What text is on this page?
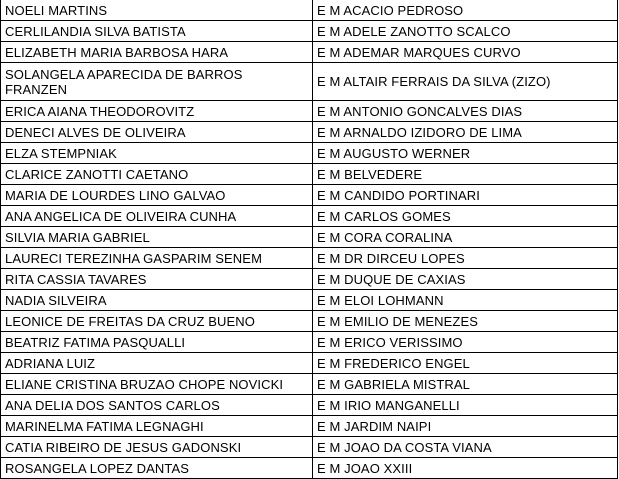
NOELI MARTINS	E M ACACIO PEDROSO
CERLILANDIA SILVA BATISTA	E M ADELE ZANOTTO SCALCO
ELIZABETH MARIA BARBOSA HARA	E M ADEMAR MARQUES CURVO
SOLANGELA APARECIDA DE BARROS FRANZEN	E M ALTAIR FERRAIS DA SILVA (ZIZO)
ERICA AIANA THEODOROVITZ	E M ANTONIO GONCALVES DIAS
DENECI ALVES DE OLIVEIRA	E M ARNALDO IZIDORO DE LIMA
ELZA STEMPNIAK	E M AUGUSTO WERNER
CLARICE ZANOTTI CAETANO	E M BELVEDERE
MARIA DE LOURDES LINO GALVAO	E M CANDIDO PORTINARI
ANA ANGELICA DE OLIVEIRA CUNHA	E M CARLOS GOMES
SILVIA MARIA GABRIEL	E M CORA CORALINA
LAURECI TEREZINHA GASPARIM SENEM	E M DR DIRCEU LOPES
RITA CASSIA TAVARES	E M DUQUE DE CAXIAS
NADIA SILVEIRA	E M ELOI LOHMANN
LEONICE DE FREITAS DA CRUZ BUENO	E M EMILIO DE MENEZES
BEATRIZ FATIMA PASQUALLI	E M ERICO VERISSIMO
ADRIANA LUIZ	E M FREDERICO ENGEL
ELIANE CRISTINA BRUZAO CHOPE NOVICKI	E M GABRIELA MISTRAL
ANA DELIA DOS SANTOS CARLOS	E M IRIO MANGANELLI
MARINELMA FATIMA LEGNAGHI	E M JARDIM NAIPI
CATIA RIBEIRO DE JESUS GADONSKI	E M JOAO DA COSTA VIANA
ROSANGELA LOPEZ DANTAS	E M JOAO XXIII
